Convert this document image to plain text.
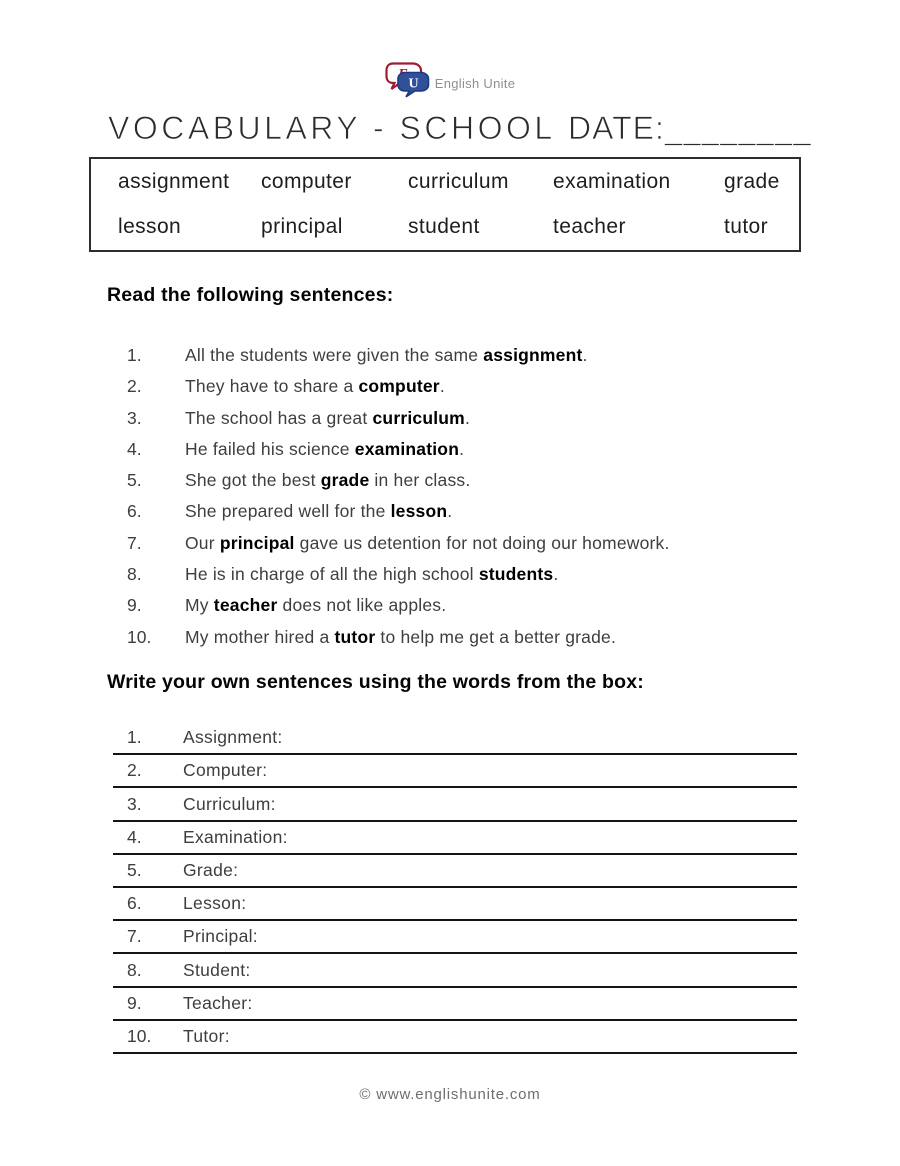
U English Unite
VOCABULARY - SCHOOL DATE:________
assignment	computer	curriculum	examination	grade
lesson	principal	student	teacher	tutor
Read the following sentences:
1. All the students were given the same assignment.
2. They have to share a computer.
3. The school has a great curriculum.
4. He failed his science examination.
5. She got the best grade in her class.
6. She prepared well for the lesson.
7. Our principal gave us detention for not doing our homework.
8. He is in charge of all the high school students.
9. My teacher does not like apples.
10. My mother hired a tutor to help me get a better grade.
Write your own sentences using the words from the box:
1. Assignment:
2. Computer:
3. Curriculum:
4. Examination:
5. Grade:
6. Lesson:
7. Principal:
8. Student:
9. Teacher:
10. Tutor:
© www.englishunite.com
